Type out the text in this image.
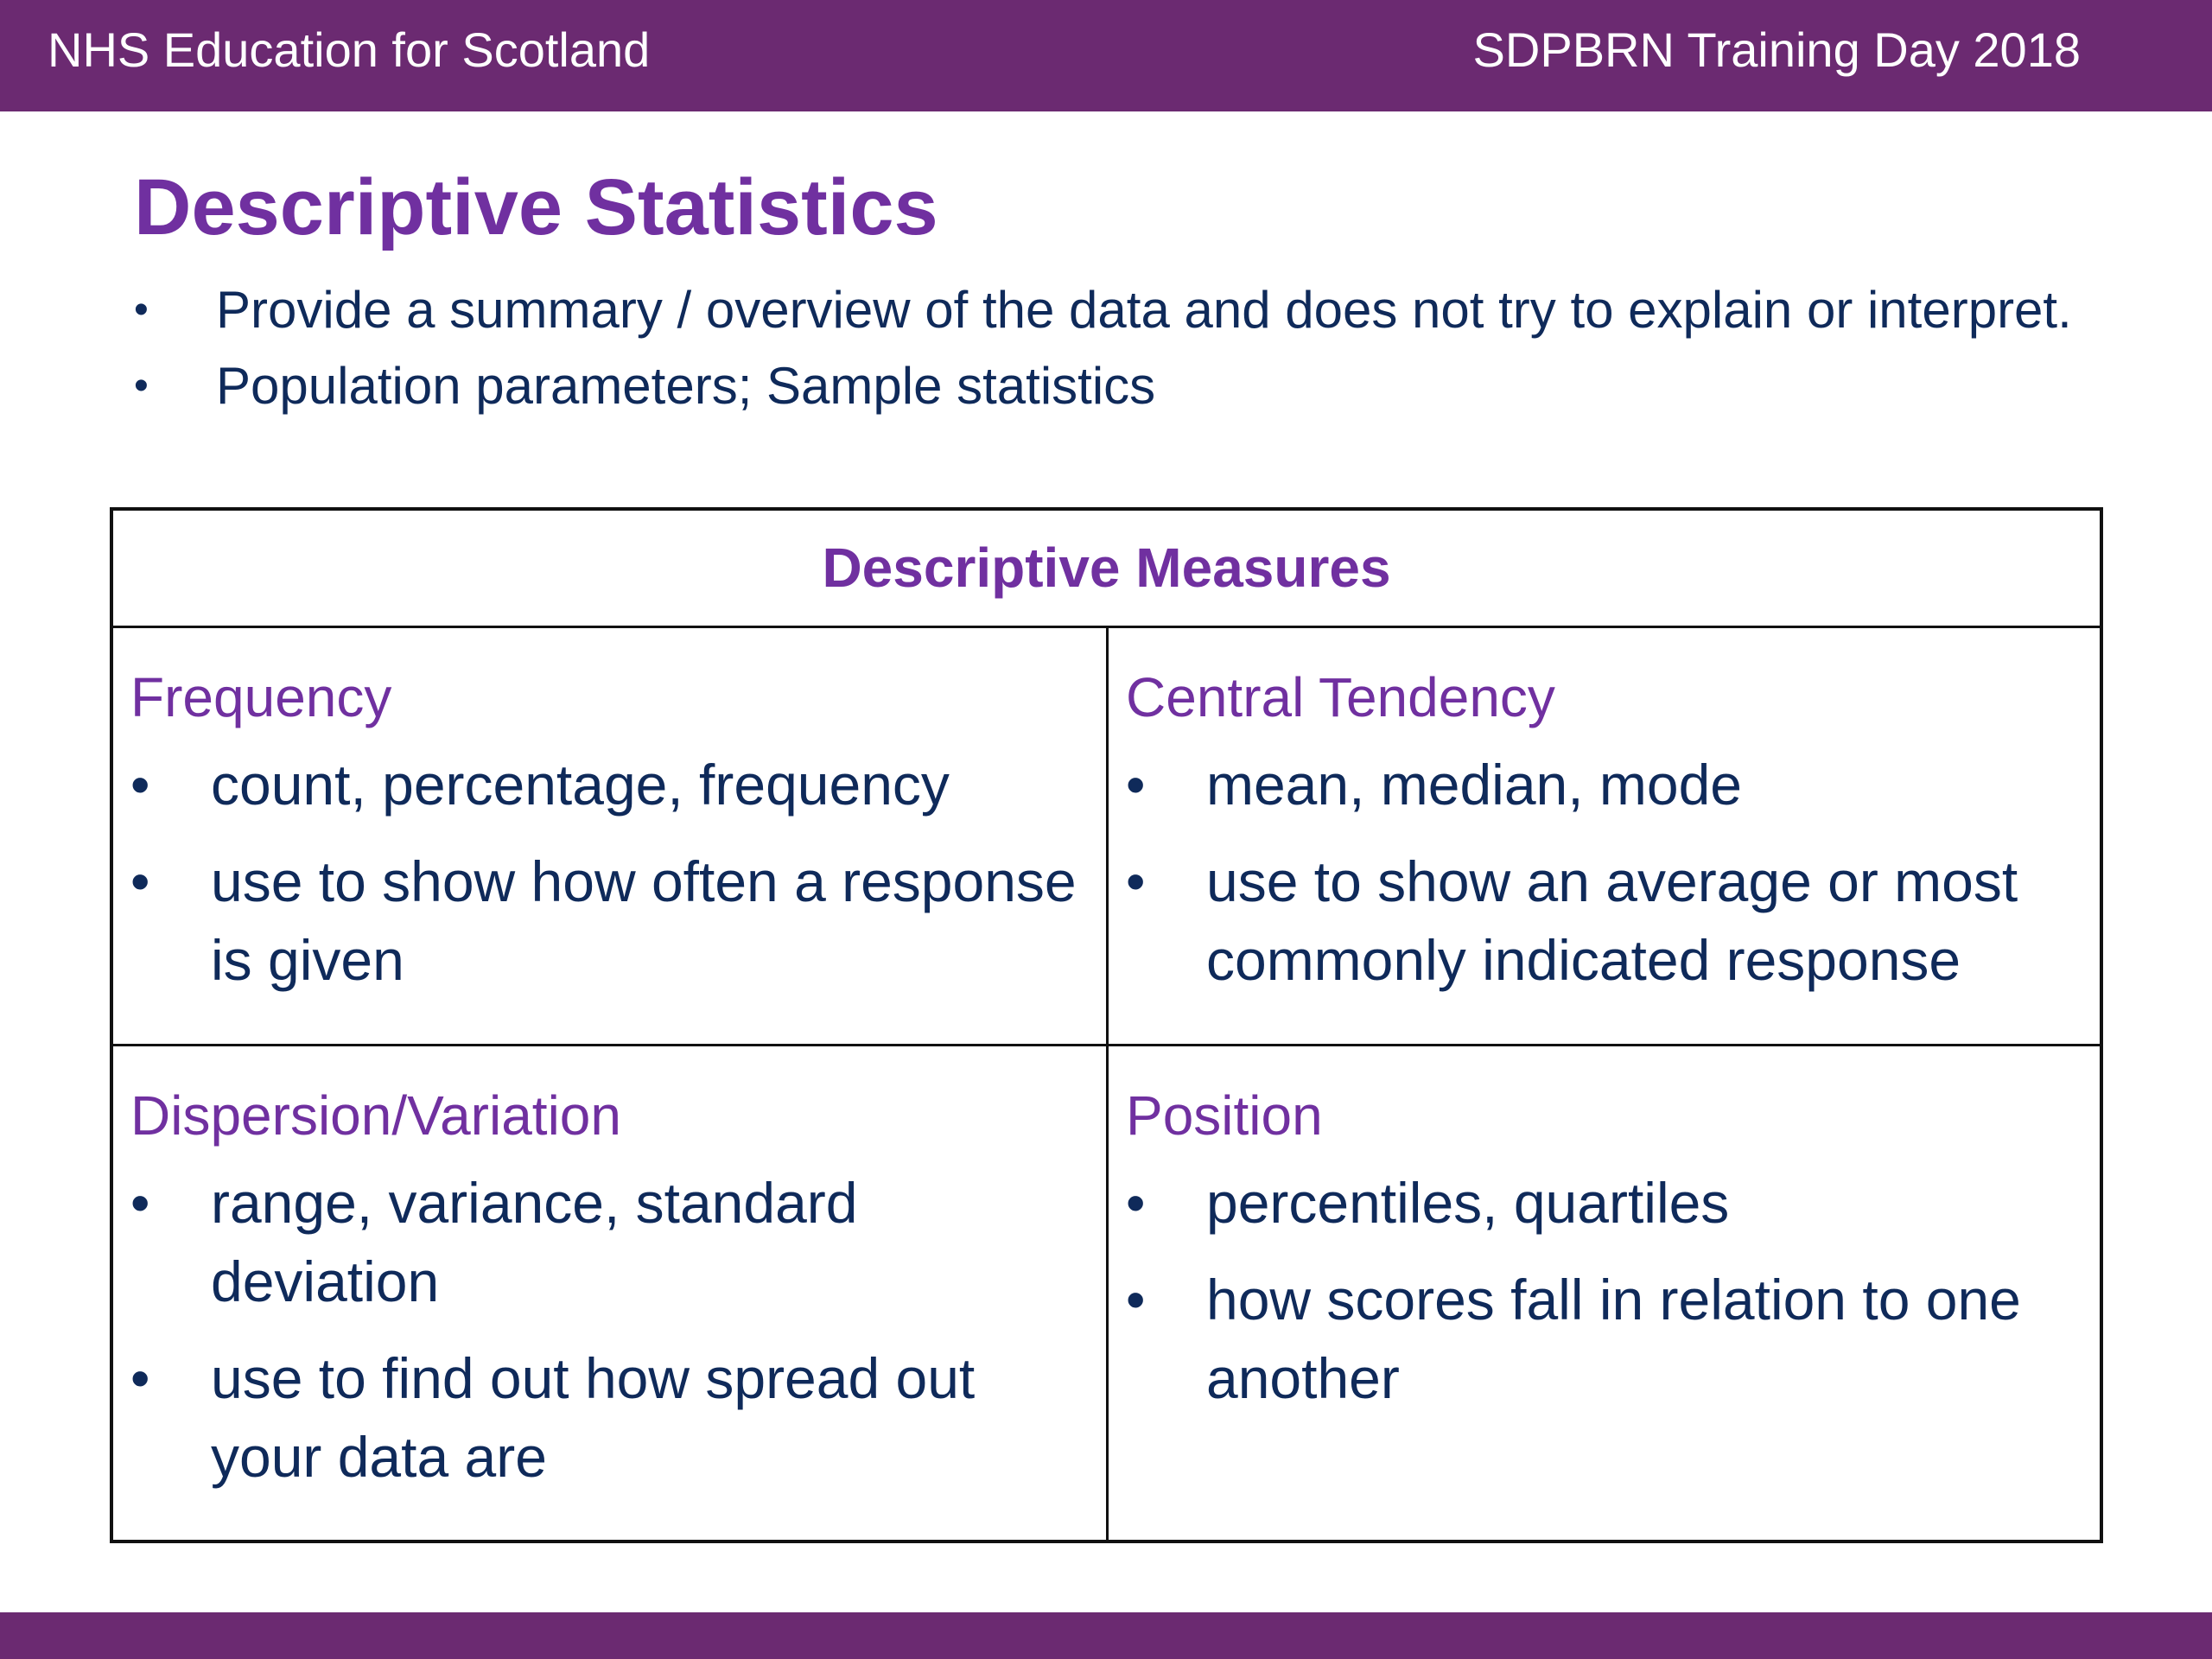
NHS Education for Scotland	SDPBRN Training Day 2018
Descriptive Statistics
•	Provide a summary / overview of the data and does not try to explain or interpret.
•	Population parameters; Sample statistics
Descriptive Measures
Frequency
• count, percentage, frequency
• use to show how often a response is given
Central Tendency
• mean, median, mode
• use to show an average or most commonly indicated response
Dispersion/Variation
• range, variance, standard deviation
• use to find out how spread out your data are
Position
• percentiles, quartiles
• how scores fall in relation to one another
